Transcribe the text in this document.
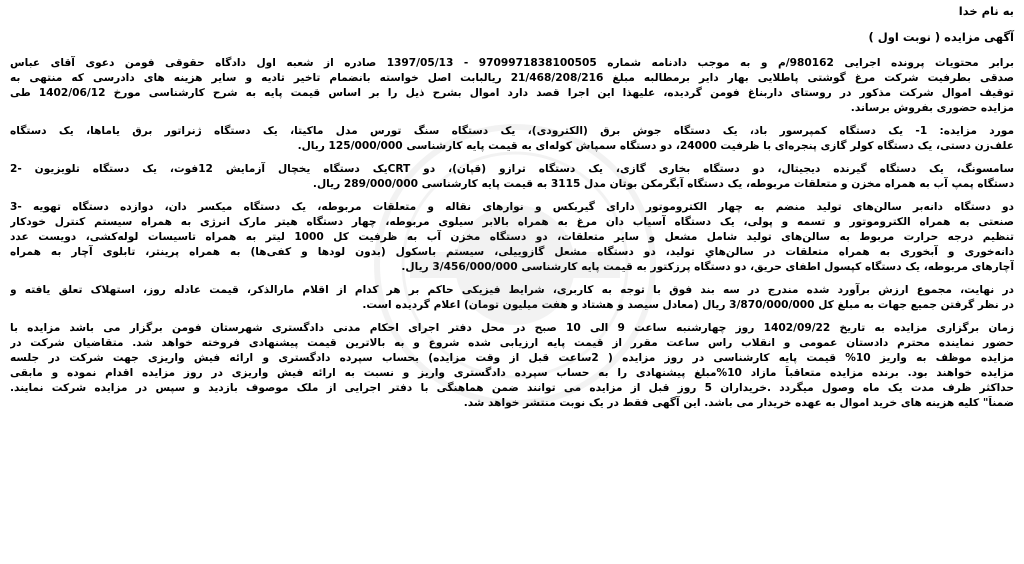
به نام خدا
آگهی مزایده ( نوبت اول )
برابر محتویات پرونده اجرایی 980162/م و به موجب دادنامه شماره 9709971838100505 - 1397/05/13 صادره از شعبه اول دادگاه حقوقی فومن دعوی آقای عباس
صدقی بطرفیت شرکت مرغ گوشتی پاطلایی بهار دایر برمطالبه مبلغ 21/468/208/216 ریالبابت اصل خواسته بانضمام تاخیر تادیه و سایر هزینه های دادرسی که منتهی به
توقیف اموال شرکت مذکور در روستای داربناغ فومن گردیده، علیهذا این اجرا قصد دارد اموال بشرح ذیل را بر اساس قیمت پایه به شرح کارشناسی مورخ 1402/06/12 طی
مزایده حضوری بفروش برساند.
مورد مزایده: 1- یک دستگاه کمپرسور باد، یک دستگاه جوش برق (الکترودی)، یک دستگاه سنگ تورس مدل ماکیتا، یک دستگاه ژنراتور برق یاماها، یک دستگاه
علف‌زن دستی، یک دستگاه کولر گازی پنجره‌ای با ظرفیت 24000، دو دستگاه سمپاش کوله‌ای به قیمت پایه کارشناسی 125/000/000 ریال.
سامسونگ، یک دستگاه گیرنده دیجیتال، دو دستگاه بخاری گازی، یک دستگاه ترازو (قپان)، دو CRTیک دستگاه یخچال آزمایش 12فوت، یک دستگاه تلویزیون -2
دستگاه پمپ آب به همراه مخزن و متعلقات مربوطه، یک دستگاه آبگرمکن بوتان مدل 3115 به قیمت پایه کارشناسی 289/000/000 ریال.
دو دستگاه دانه‌بر سالن‌های تولید منضم به چهار الکتروموتور دارای گیربکس و نوارهای نقاله و متعلقات مربوطه، یک دستگاه میکسر دان، دوازده دستگاه تهویه -3
صنعتی به همراه الکتروموتور و تسمه و پولی، یک دستگاه آسیاب دان مرغ به همراه بالابر سیلوی مربوطه، چهار دستگاه هیتر مارک انرژی به همراه سیستم کنترل خودکار
تنظیم درجه حرارت مربوط به سالن‌های تولید شامل مشعل و سایر متعلقات، دو دستگاه مخزن آب به ظرفیت کل 1000 لیتر به همراه تاسیسات لوله‌کشی، دویست عدد
دانه‌خوری و آبخوری به همراه متعلقات در سالن‌هایِ تولید، دو دستگاه مشعل گازوییلی، سیستم باسکول (بدون لودها و کفی‌ها) به همراه پرینتر، تابلوی آچار به همراه
آچارهای مربوطه، یک دستگاه کپسول اطفای حریق، دو دستگاه پرزکتور به قیمت پایه کارشناسی 3/456/000/000 ریال.
در نهایت، مجموع ارزش برآورد شده مندرج در سه بند فوق با توجه به کاربری، شرایط فیزیکی حاکم بر هر کدام از اقلام مارالذکر، قیمت عادله روز، استهلاک تعلق یافته و
در نظر گرفتن جمیع جهات به مبلغ کل 3/870/000/000 ریال (معادل سیصد و هشتاد و هفت میلیون تومان) اعلام گردیده است.
زمان برگزاری مزایده به تاریخ 1402/09/22 روز چهارشنبه ساعت 9 الی 10 صبح در محل دفتر اجرای احکام مدنی دادگستری شهرستان فومن برگزار می باشد مزایده با
حضور نماینده محترم دادستان عمومی و انقلاب راس ساعت مقرر از قیمت پایه ارزیابی شده شروع و به بالاترین قیمت پیشنهادی فروخته خواهد شد. متقاضیان شرکت در
مزایده موظف به واریز 10% قیمت پایه کارشناسی در روز مزایده ( 2ساعت قبل از وقت مزایده) بحساب سپرده دادگستری و ارائه فیش واریزی جهت شرکت در جلسه
مزایده خواهند بود. برنده مزایده متعاقباً مازاد 10%مبلغ پیشنهادی را به حساب سپرده دادگستری واریز و نسبت به ارائه فیش واریزی در روز مزایده اقدام نموده و مابقی
حداکثر ظرف مدت یک ماه وصول میگردد .خریداران 5 روز قبل از مزایده می توانند ضمن هماهنگی با دفتر اجرایی از ملک موصوف بازدید و سپس در مزایده شرکت نمایند.
ضمناً" کلیه هزینه های خرید اموال به عهده خریدار می باشد. این آگهی فقط در یک نوبت منتشر خواهد شد.
